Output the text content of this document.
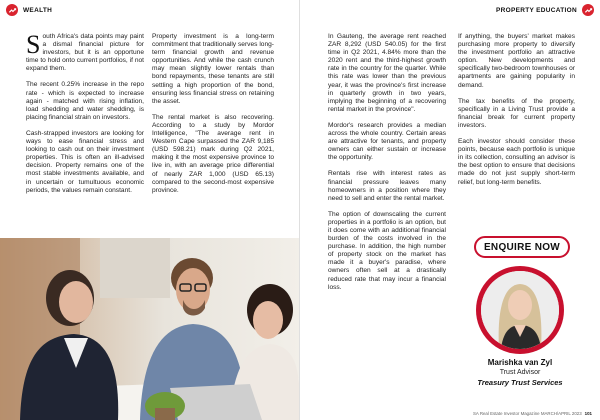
WEALTH

South Africa's data points may paint a dismal financial picture for investors, but it is an opportune time to hold onto current portfolios, if not expand them.

The recent 0.25% increase in the repo rate - which is expected to increase again - matched with rising inflation, load shedding and water shedding, is placing financial strain on investors.

Cash-strapped investors are looking for ways to ease financial stress and looking to cash out on their investment properties. This is often an ill-advised decision. Property remains one of the most stable investments available, and in uncertain or tumultuous economic periods, the values remain constant.

Property investment is a long-term commitment that traditionally serves long-term financial growth and revenue opportunities. And while the cash crunch may mean slightly lower rentals than bond repayments, these tenants are still settling a high proportion of the bond, ensuring less financial stress on retaining the asset.

The rental market is also recovering. According to a study by Mordor Intelligence, "The average rent in Western Cape surpassed the ZAR 9,185 (USD 598.21) mark during Q2 2021, making it the most expensive province to live in, with an average price differential of nearly ZAR 1,000 (USD 65.13) compared to the second-most expensive province.

PROPERTY EDUCATION

In Gauteng, the average rent reached ZAR 8,292 (USD 540.05) for the first time in Q2 2021, 4.84% more than the 2020 rent and the third-highest growth rate in the country for the quarter. While this rate was lower than the previous year, it was the province's first increase in quarterly growth in two years, implying the beginning of a recovering rental market in the province".

Mordor's research provides a median across the whole country. Certain areas are attractive for tenants, and property owners can either sustain or increase the opportunity.

Rentals rise with interest rates as financial pressure leaves many homeowners in a position where they need to sell and enter the rental market.

The option of downscaling the current properties in a portfolio is an option, but it does come with an additional financial burden of the costs involved in the purchase. In addition, the high number of property stock on the market has made it a buyer's paradise, where owners often sell at a drastically reduced rate that may incur a financial loss.

If anything, the buyers' market makes purchasing more property to diversify the investment portfolio an attractive option. New developments and specifically two-bedroom townhouses or apartments are gaining popularity in demand.

The tax benefits of the property, specifically in a Living Trust provide a financial break for current property investors.

Each investor should consider these points, because each portfolio is unique in its collection, consulting an advisor is the best option to ensure that decisions made do not just supply short-term relief, but long-term benefits.

ENQUIRE NOW
Marishka van Zyl
Trust Advisor
Treasury Trust Services
SA Real Estate Investor Magazine MARCH/APRIL 2023 101
